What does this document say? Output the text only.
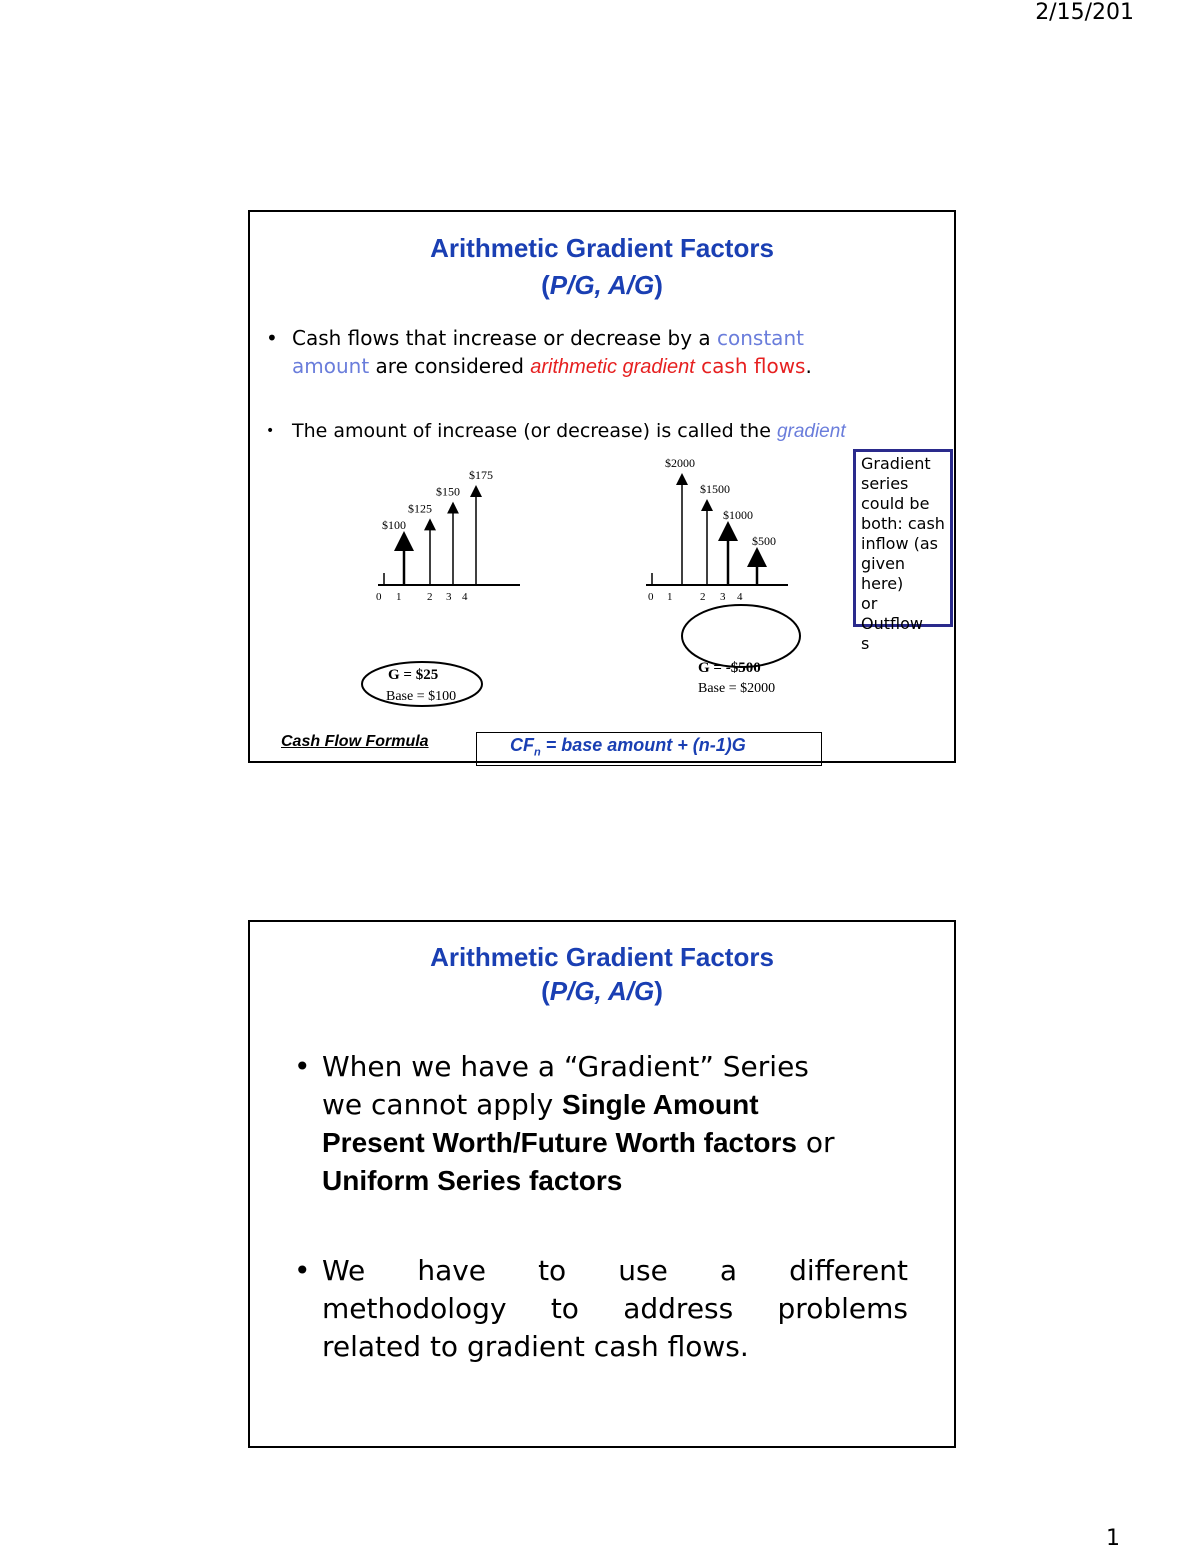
2/15/201
Arithmetic Gradient Factors
(P/G, A/G)
• Cash flows that increase or decrease by a constant
amount are considered arithmetic gradient cash flows.
• The amount of increase (or decrease) is called the gradient
0 1 2 3 4
$100
$125
$150
$175
0 1	2 3 4
$2000
$1500
$1000
$500
G = $25
Base = $100
G = -$500
Base = $2000
Gradient
series
could be
both: cash
inflow (as
given
here)
or
Outflow
s
Cash Flow Formula	$CF_n$ = base amount + (n-1)G
Arithmetic Gradient Factors
(P/G, A/G)
• When we have a “Gradient” Series
we cannot apply Single Amount
Present Worth/Future Worth factors or
Uniform Series factors
• We have to use a different
methodology to address problems
related to gradient cash flows.
1
